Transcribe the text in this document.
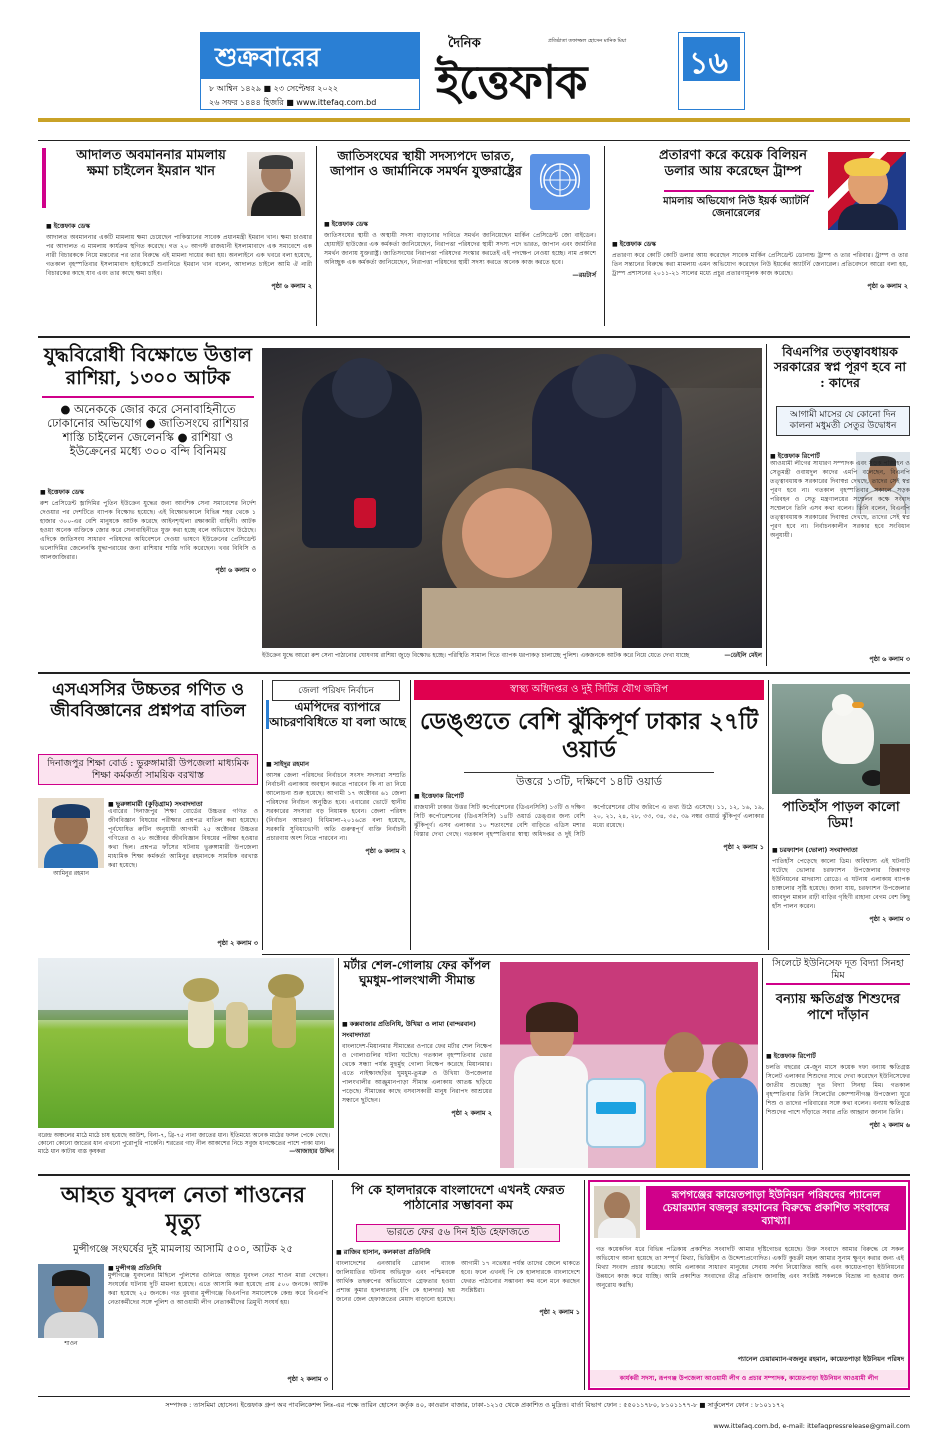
শুক্রবারের
৮ আশ্বিন ১৪২৯ ■ ২৩ সেপ্টেম্বর ২০২২
২৬ সফর ১৪৪৪ হিজরি ■ www.ittefaq.com.bd
দৈনিক	প্রতিষ্ঠাতা তফাজ্জল হোসেন মানিক মিয়া
ইত্তেফাক	১৬
আদালত অবমাননার মামলায় ক্ষমা চাইলেন ইমরান খান
■ ইত্তেফাক ডেস্ক
আদালত অবমাননার একটি মামলায় ক্ষমা চেয়েছেন পাকিস্তানের সাবেক প্রধানমন্ত্রী ইমরান খান। ক্ষমা চাওয়ার পর আদালত এ মামলায় কার্যক্রম স্থগিত করেছে। গত ২০ আগস্ট রাজধানী ইসলামাবাদে এক সমাবেশে এক নারী বিচারককে নিয়ে মন্তব্যের পর তার বিরুদ্ধে এই মামলা দায়ের করা হয়। অনলাইনে এক খবরে বলা হয়েছে, গতকাল বৃহস্পতিবার ইসলামাবাদ হাইকোর্টে শুনানিতে ইমরান খান বলেন, আদালত চাইলে আমি ঐ নারী বিচারকের কাছে যাব এবং তার কাছে ক্ষমা চাইব।
পৃষ্ঠা ৬ কলাম ২
জাতিসংঘের স্থায়ী সদস্যপদে ভারত, জাপান ও জার্মানিকে সমর্থন যুক্তরাষ্ট্রের
■ ইত্তেফাক ডেস্ক
জাতিসংঘের স্থায়ী ও অস্থায়ী সদস্য বাড়ানোর দাবিতে সমর্থন জানিয়েছেন মার্কিন প্রেসিডেন্ট জো বাইডেন। হোয়াইট হাউজের এক কর্মকর্তা জানিয়েছেন, নিরাপত্তা পরিষদের স্থায়ী সদস্য পদে ভারত, জাপান এবং জার্মানির সমর্থন জানায় যুক্তরাষ্ট্র। জাতিসংঘের নিরাপত্তা পরিষদের সংস্কার করতেই এই পদক্ষেপ নেওয়া হচ্ছে। নাম প্রকাশে অনিচ্ছুক এক কর্মকর্তা জানিয়েছেন, নিরাপত্তা পরিষদের স্থায়ী সদস্য করতে অনেক কাজ করতে হবে।
—রয়টার্স
প্রতারণা করে কয়েক বিলিয়ন ডলার আয় করেছেন ট্রাম্প
মামলায় অভিযোগ নিউ ইয়র্ক অ্যাটর্নি জেনারেলের
■ ইত্তেফাক ডেস্ক
প্রতারণা করে কোটি কোটি ডলার আয় করেছেন সাবেক মার্কিন প্রেসিডেন্ট ডোনাল্ড ট্রাম্প ও তার পরিবার। ট্রাম্প ও তার তিন সন্তানের বিরুদ্ধে করা মামলায় এমন অভিযোগ করেছেন নিউ ইয়র্কের অ্যাটর্নি জেনারেল। প্রতিবেদনে আরো বলা হয়, ট্রাম্প প্রশাসনের ২০১১-২১ সালের মধ্যে প্রচুর প্রতারণামূলক কাজ করেছে।
পৃষ্ঠা ৬ কলাম ২
যুদ্ধবিরোধী বিক্ষোভে উত্তাল রাশিয়া, ১৩০০ আটক
● অনেককে জোর করে সেনাবাহিনীতে ঢোকানোর অভিযোগ ● জাতিসংঘে রাশিয়ার শাস্তি চাইলেন জেলেনস্কি ● রাশিয়া ও ইউক্রেনের মধ্যে ৩০০ বন্দি বিনিময়
■ ইত্তেফাক ডেস্ক
রুশ প্রেসিডেন্ট ভ্লাদিমির পুতিন ইউক্রেন যুদ্ধের জন্য আংশিক সেনা সমাবেশের নির্দেশ দেওয়ার পর দেশটিতে ব্যাপক বিক্ষোভ হয়েছে। এই বিক্ষোভকালে বিভিন্ন শহর থেকে ১ হাজার ৩০০-এর বেশি মানুষকে আটক করেছে আইনশৃঙ্খলা রক্ষাকারী বাহিনী। আটক হওয়া অনেক ব্যক্তিকে জোর করে সেনাবাহিনীতে যুক্ত করা হচ্ছে বলে অভিযোগ উঠেছে। এদিকে জাতিসংঘ সাধারণ পরিষদের অধিবেশনে দেওয়া ভাষণে ইউক্রেনের প্রেসিডেন্ট ভলোদিমির জেলেনস্কি যুদ্ধাপরাধের জন্য রাশিয়ার শাস্তি দাবি করেছেন। খবর বিবিসি ও আলজাজিরার।
পৃষ্ঠা ৬ কলাম ৩
ইউক্রেন যুদ্ধে আরো রুশ সেনা পাঠানোর ঘোষণায় রাশিয়া জুড়ে বিক্ষোভ হচ্ছে। পরিস্থিতি সামাল দিতে ব্যাপক ধরপাকড় চালাচ্ছে পুলিশ। একজনকে আটক করে নিয়ে যেতে দেখা যাচ্ছে	—ডেইলি মেইল
বিএনপির তত্ত্বাবধায়ক সরকারের স্বপ্ন পূরণ হবে না : কাদের
আগামী মাসের যে কোনো দিন কালনা মধুমতী সেতুর উদ্বোধন
■ ইত্তেফাক রিপোর্ট
আওয়ামী লীগের সাধারণ সম্পাদক এবং সড়ক পরিবহন ও সেতুমন্ত্রী ওবায়দুল কাদের এমপি বলেছেন, বিএনপি তত্ত্বাবধায়ক সরকারের দিবাস্বপ্ন দেখছে, তাদের সেই স্বপ্ন পূরণ হবে না। গতকাল বৃহস্পতিবার সকালে সড়ক পরিবহন ও সেতু মন্ত্রণালয়ের সম্মেলন কক্ষে সংবাদ সম্মেলনে তিনি এসব কথা বলেন। তিনি বলেন, বিএনপি তত্ত্বাবধায়ক সরকারের দিবাস্বপ্ন দেখছে, তাদের সেই স্বপ্ন পূরণ হবে না। নির্বাচনকালীন সরকার হবে সংবিধান অনুযায়ী।
পৃষ্ঠা ৬ কলাম ৩
এসএসসির উচ্চতর গণিত ও জীববিজ্ঞানের প্রশ্নপত্র বাতিল
দিনাজপুর শিক্ষা বোর্ড : ভুরুঙ্গামারী উপজেলা মাধ্যমিক শিক্ষা কর্মকর্তা সাময়িক বরখাস্ত
আমিনুর রহমান
■ ভুরুঙ্গামারী (কুড়িগ্রাম) সংবাদদাতা
এবারের দিনাজপুর শিক্ষা বোর্ডের উচ্চতর গণিত ও জীববিজ্ঞান বিষয়ের পরীক্ষার প্রশ্নপত্র বাতিল করা হয়েছে। পূর্বঘোষিত রুটিন অনুযায়ী আগামী ২৫ অক্টোবর উচ্চতর গণিতের ও ২৮ অক্টোবর জীববিজ্ঞান বিষয়ের পরীক্ষা হওয়ার কথা ছিল। প্রশ্নপত্র ফাঁসের ঘটনায় ভুরুঙ্গামারী উপজেলা মাধ্যমিক শিক্ষা কর্মকর্তা আমিনুর রহমানকে সাময়িক বরখাস্ত করা হয়েছে।
পৃষ্ঠা ২ কলাম ৩
জেলা পরিষদ নির্বাচন
এমপিদের ব্যাপারে আচরণবিধিতে যা বলা আছে
■ সাইদুর রহমান
আসন্ন জেলা পরিষদের নির্বাচনে সংসদ সদস্যরা সম্প্রতি নির্বাচনী এলাকায় অবস্থান করতে পারবেন কি না তা নিয়ে আলোচনা শুরু হয়েছে। আগামী ১৭ অক্টোবর ৬১ জেলা পরিষদের নির্বাচন অনুষ্ঠিত হবে। এবারের ভোটে স্থানীয় সরকারের সদস্যরা বড় নিয়ামক হবেন। জেলা পরিষদ (নির্বাচন আচরণ) বিধিমালা-২০১৬তে বলা হয়েছে, সরকারি সুবিধাভোগী অতি গুরুত্বপূর্ণ ব্যক্তি নির্বাচনী প্রচারণায় অংশ নিতে পারবেন না।
পৃষ্ঠা ৬ কলাম ২
স্বাস্থ্য অধিদপ্তর ও দুই সিটির যৌথ জরিপ
ডেঙ্গুতে বেশি ঝুঁকিপূর্ণ ঢাকার ২৭টি ওয়ার্ড
উত্তরে ১৩টি, দক্ষিণে ১৪টি ওয়ার্ড
■ ইত্তেফাক রিপোর্ট
রাজধানী ঢাকার উত্তর সিটি কর্পোরেশনের (ডিএনসিসি) ১৩টি ও দক্ষিণ সিটি কর্পোরেশনের (ডিএসসিসি) ১৪টি ওয়ার্ড ডেঙ্গুর জন্য বেশি ঝুঁকিপূর্ণ। এসব এলাকার ১০ শতাংশের বেশি বাড়িতে এডিস মশার বিস্তার দেখা গেছে। গতকাল বৃহস্পতিবার স্বাস্থ্য অধিদপ্তর ও দুই সিটি কর্পোরেশনের যৌথ জরিপে এ তথ্য উঠে এসেছে। ১১, ১২, ১৬, ১৯, ২০, ২১, ২৪, ২৮, ৩৩, ৩৪, ৩৫, ৩৯ নম্বর ওয়ার্ড ঝুঁকিপূর্ণ এলাকার মধ্যে রয়েছে।
পৃষ্ঠা ২ কলাম ১
পাতিহাঁস পাড়ল কালো ডিম!
■ চরফ্যাশন (ভোলা) সংবাদদাতা
পাতিহাঁস পেড়েছে কালো ডিম। অবিশ্বাস্য এই ঘটনাটি ঘটেছে ভোলার চরফ্যাশন উপজেলার জিন্নাগড় ইউনিয়নের মাদরাসা রোডে। এ ঘটনায় এলাকায় ব্যাপক চাঞ্চল্যের সৃষ্টি হয়েছে। জানা যায়, চরফ্যাশন উপজেলার আবদুল মান্নান রাঢ়ী বাড়ির গৃহিণী রাহানা বেগম বেশ কিছু হাঁস পালন করেন।
পৃষ্ঠা ২ কলাম ৩
বরেন্দ্র অঞ্চলের মাঠে মাঠে চাষ হয়েছে আউশ, বিনা-৭, ব্রি-৭৫ নানা জাতের ধান। ইতিমধ্যে অনেক মাঠের ফসল পেকে গেছে। কোনো কোনো জাতের ধান এখনো পুরোপুরি পাকেনি। শরতের গাঢ় নীল আকাশের নিচে সবুজ ধানক্ষেতের পাশে পাকা ধান। মাঠে ধান কাটায় ব্যস্ত কৃষকরা	—আজাহার উদ্দিন
মর্টার শেল-গোলায় ফের কাঁপল ঘুমধুম-পালংখালী সীমান্ত
■ কক্সবাজার প্রতিনিধি, উখিয়া ও লামা (বান্দরবান) সংবাদদাতা
বাংলাদেশ-মিয়ানমার সীমান্তের ওপারে ফের মর্টার শেল নিক্ষেপ ও গোলাগুলির ঘটনা ঘটেছে। গতকাল বৃহস্পতিবার ভোর থেকে সন্ধ্যা পর্যন্ত মুহুর্মুহু গোলা নিক্ষেপ করেছে মিয়ানমার। এতে নাইক্ষ্যংছড়ির ঘুমধুম-তুমব্রু ও উখিয়া উপজেলার পালংখালীর আঞ্জুমানপাড়া সীমান্ত এলাকায় আতঙ্ক ছড়িয়ে পড়েছে। সীমান্তের কাছে বসবাসকারী মানুষ নিরাপদ আশ্রয়ের সন্ধানে ছুটছেন।
পৃষ্ঠা ২ কলাম ২
সিলেটে ইউনিসেফ দূত বিদ্যা সিনহা মিম
বন্যায় ক্ষতিগ্রস্ত শিশুদের পাশে দাঁড়ান
■ ইত্তেফাক রিপোর্ট
চলতি বছরের মে-জুন মাসে কয়েক দফা বন্যায় ক্ষতিগ্রস্ত সিলেট এলাকার শিশুদের সাথে দেখা করেছেন ইউনিসেফের জাতীয় শুভেচ্ছা দূত বিদ্যা সিনহা মিম। গতকাল বৃহস্পতিবার তিনি সিলেটের কোম্পানীগঞ্জ উপজেলা ঘুরে শিশু ও তাদের পরিবারের সঙ্গে কথা বলেন। বন্যায় ক্ষতিগ্রস্ত শিশুদের পাশে দাঁড়াতে সবার প্রতি আহ্বান জানান তিনি।
পৃষ্ঠা ২ কলাম ৬
আহত যুবদল নেতা শাওনের মৃত্যু
মুন্সীগঞ্জে সংঘর্ষের দুই মামলায় আসামি ৫০০, আটক ২৫
শাওন
■ মুন্সীগঞ্জ প্রতিনিধি
মুন্সীগঞ্জে যুবদলের মিছিলে পুলিশের গুলিতে আহত যুবদল নেতা শাওন মারা গেছেন। সংঘর্ষের ঘটনায় দুটি মামলা হয়েছে। এতে আসামি করা হয়েছে প্রায় ৫০০ জনকে। আটক করা হয়েছে ২৫ জনকে। গত বুধবার মুন্সীগঞ্জে বিএনপির সমাবেশকে কেন্দ্র করে বিএনপি নেতাকর্মীদের সঙ্গে পুলিশ ও আওয়ামী লীগ নেতাকর্মীদের ত্রিমুখী সংঘর্ষ হয়।
পৃষ্ঠা ২ কলাম ৩
পি কে হালদারকে বাংলাদেশে এখনই ফেরত পাঠানোর সম্ভাবনা কম
ভারতে ফের ৫৬ দিন ইডি হেফাজতে
■ রাজিব হাসান, কলকাতা প্রতিনিধি
বাংলাদেশের এনআরবি গ্লোবাল ব্যাংক জালিয়াতির ঘটনায় অভিযুক্ত এবং পশ্চিমবঙ্গে আর্থিক তছরুপের অভিযোগে গ্রেফতার হওয়া প্রশান্ত কুমার হালদারসহ (পি কে হালদার) ছয় জনের জেল হেফাজতের মেয়াদ বাড়ানো হয়েছে। আগামী ১৭ নভেম্বর পর্যন্ত তাদের জেলে থাকতে হবে। ফলে এখনই পি কে হালদারকে বাংলাদেশে ফেরত পাঠানোর সম্ভাবনা কম বলে মনে করছেন সংশ্লিষ্টরা।
পৃষ্ঠা ২ কলাম ১
রূপগঞ্জের কায়েতপাড়া ইউনিয়ন পরিষদের প্যানেল চেয়ারম্যান বজলুর রহমানের বিরুদ্ধে প্রকাশিত সংবাদের ব্যাখ্যা।
গত কয়েকদিন ধরে বিভিন্ন পত্রিকায় প্রকাশিত সংবাদটি আমার দৃষ্টিগোচর হয়েছে। উক্ত সংবাদে আমার বিরুদ্ধে যে সকল অভিযোগ আনা হয়েছে তা সম্পূর্ণ মিথ্যা, ভিত্তিহীন ও উদ্দেশ্যপ্রণোদিত। একটি কুচক্রী মহল আমার সুনাম ক্ষুণ্ন করার জন্য এই মিথ্যা সংবাদ প্রচার করেছে। আমি এলাকার সাধারণ মানুষের সেবায় সর্বদা নিয়োজিত আছি এবং কায়েতপাড়া ইউনিয়নের উন্নয়নে কাজ করে যাচ্ছি। আমি প্রকাশিত সংবাদের তীব্র প্রতিবাদ জানাচ্ছি এবং সংশ্লিষ্ট সকলকে বিভ্রান্ত না হওয়ার জন্য অনুরোধ করছি।
প্যানেল চেয়ারম্যান-বজলুর রহমান, কায়েতপাড়া ইউনিয়ন পরিষদ
কার্যকরী সদস্য, রূপগঞ্জ উপজেলা আওয়ামী লীগ ও প্রচার সম্পাদক, কায়েতপাড়া ইউনিয়ন আওয়ামী লীগ
সম্পাদক : তাসমিমা হোসেন। ইত্তেফাক গ্রুপ অব পাবলিকেশন্স লিঃ-এর পক্ষে তারিন হোসেন কর্তৃক ৪০, কাওরান বাজার, ঢাকা-১২১৫ থেকে প্রকাশিত ও মুদ্রিত। বার্তা বিভাগ ফোন : ৫৫০১১৭৮০, ৮১০১১৭৭-৮ ■ সার্কুলেশন ফোন : ৮১০১১৭২
www.ittefaq.com.bd, e-mail: ittefaqpressrelease@gmail.com
